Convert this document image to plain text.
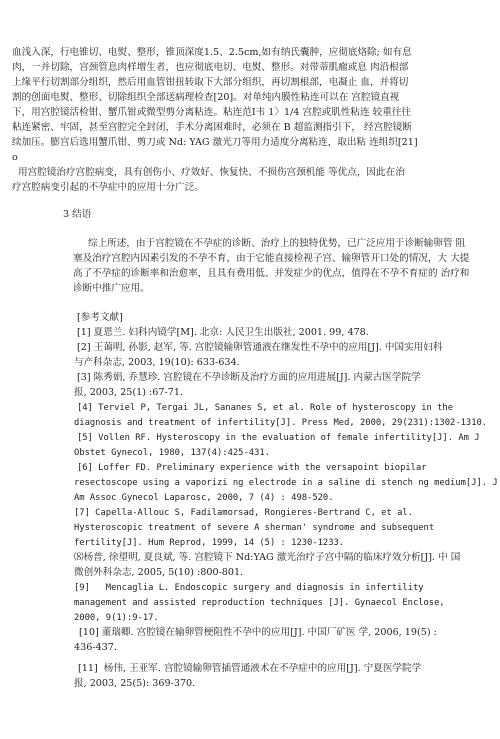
血浅入深，行电锥切、电熨、整形，锥顶深度1.5、2.5cm,如有纳氏囊肿，应彻底烙除; 如有息
肉，一并切除，宫颈管息肉样增生者，也应彻底电切、电熨、整形。对带蒂肌瘤或息 肉沿根部
上缘平行切割部分组织，然后用血管钳扭转取下大部分组织，再切割根部，电凝止 血，并将切
割的创面电熨、整形、切除组织全部送病理检查[20]。对单纯内膜性粘连可以在 宫腔镜直视
下，用宫腔镜活检钳、蟹爪钳或微型剪分离粘连。粘连范Ⅰ韦 1〉1/4 宫腔或肌性粘连 较重往往
粘连紧密、牢固，甚至宫腔完全封闭，手术分离困难时，必须在 B 超监测指引下， 经宫腔镜断
续加压。膨宫后选用蟹爪钳、剪刀或 Nd: YAG 激光刀等用力适度分离粘连，取出粘 连组织[21]
o
用宫腔镜治疗宫腔病变，具有创伤小、疗效好、恢复快、不损伤宫颈机能 等优点，因此在治
疗宫腔病变引起的不孕症中的应用十分广泛。
3 结语
综上所述，由于宫腔镜在不孕症的诊断、治疗上的独特优势，已广泛应用于诊断输卵管 阻
塞及治疗宫腔内因素引发的不孕不育，由于它能直接检视子宫、输卵管开口处的情况，大 大提
高了不孕症的诊断率和治愈率，且具有费用低、并发症少的优点，值得在不孕不育症的 治疗和
诊断中推广应用。
[参考文献]
[1] 夏恩兰. 妇科内镜学[M]. 北京: 人民卫生出版社, 2001. 99, 478.
[2] 王蔼明, 孙影, 赵军, 等. 宫腔镜输卵管通液在继发性不孕中的应用[J]. 中国实用妇科
与产科杂志, 2003, 19(10): 633-634.
[3] 陈秀娟, 乔慧珍. 宫腔镜在不孕诊断及治疗方面的应用进展[J]. 内蒙古医学院学
报, 2003, 25(1) :67-71.
[4] Terviel P, Tergai JL, Sananes S, et al. Role of hysteroscopy in the
diagnosis and treatment of infertility[J]. Press Med, 2000, 29(231):1302-1310.
[5] Vollen RF. Hysteroscopy in the evaluation of female infertility[J]. Am J
Obstet Gynecol, 1980, 137(4):425-431.
[6] Loffer FD. Preliminary experience with the versapoint biopilar
resectoscope using a vaporizi ng electrode in a saline di stench ng medium[J]. J
Am Assoc Gynecol Laparosc, 2000, 7 (4) : 498-520.
[7] Capella-Allouc S, Fadilamorsad, Rongieres-Bertrand C, et al.
Hysteroscopic treatment of severe A sherman' syndrome and subsequent
fertility[J]. Hum Reprod, 1999, 14 (5) : 1230-1233.
⑻杨普, 徐望明, 夏良斌, 等. 宫腔镜下 Nd:YAG 激光治疗子宫中隔的临床疗效分析[J]. 中 国
微创外科杂志, 2005, 5(10) :800-801.
[9]   Mencaglia L. Endoscopic surgery and diagnosis in infertility
management and assisted reproduction techniques [J]. Gynaecol Enclose,
2000, 9(1):9-17.
[10] 董瑞卿. 宫腔镜在输卵管梗阻性不孕中的应用[J]. 中国厂矿医 学, 2006, 19(5) :
436-437.
[11]  杨伟, 王亚军. 宫腔镜输卵管插管通液术在不孕症中的应用[J]. 宁夏医学院学
报, 2003, 25(5): 369-370.
